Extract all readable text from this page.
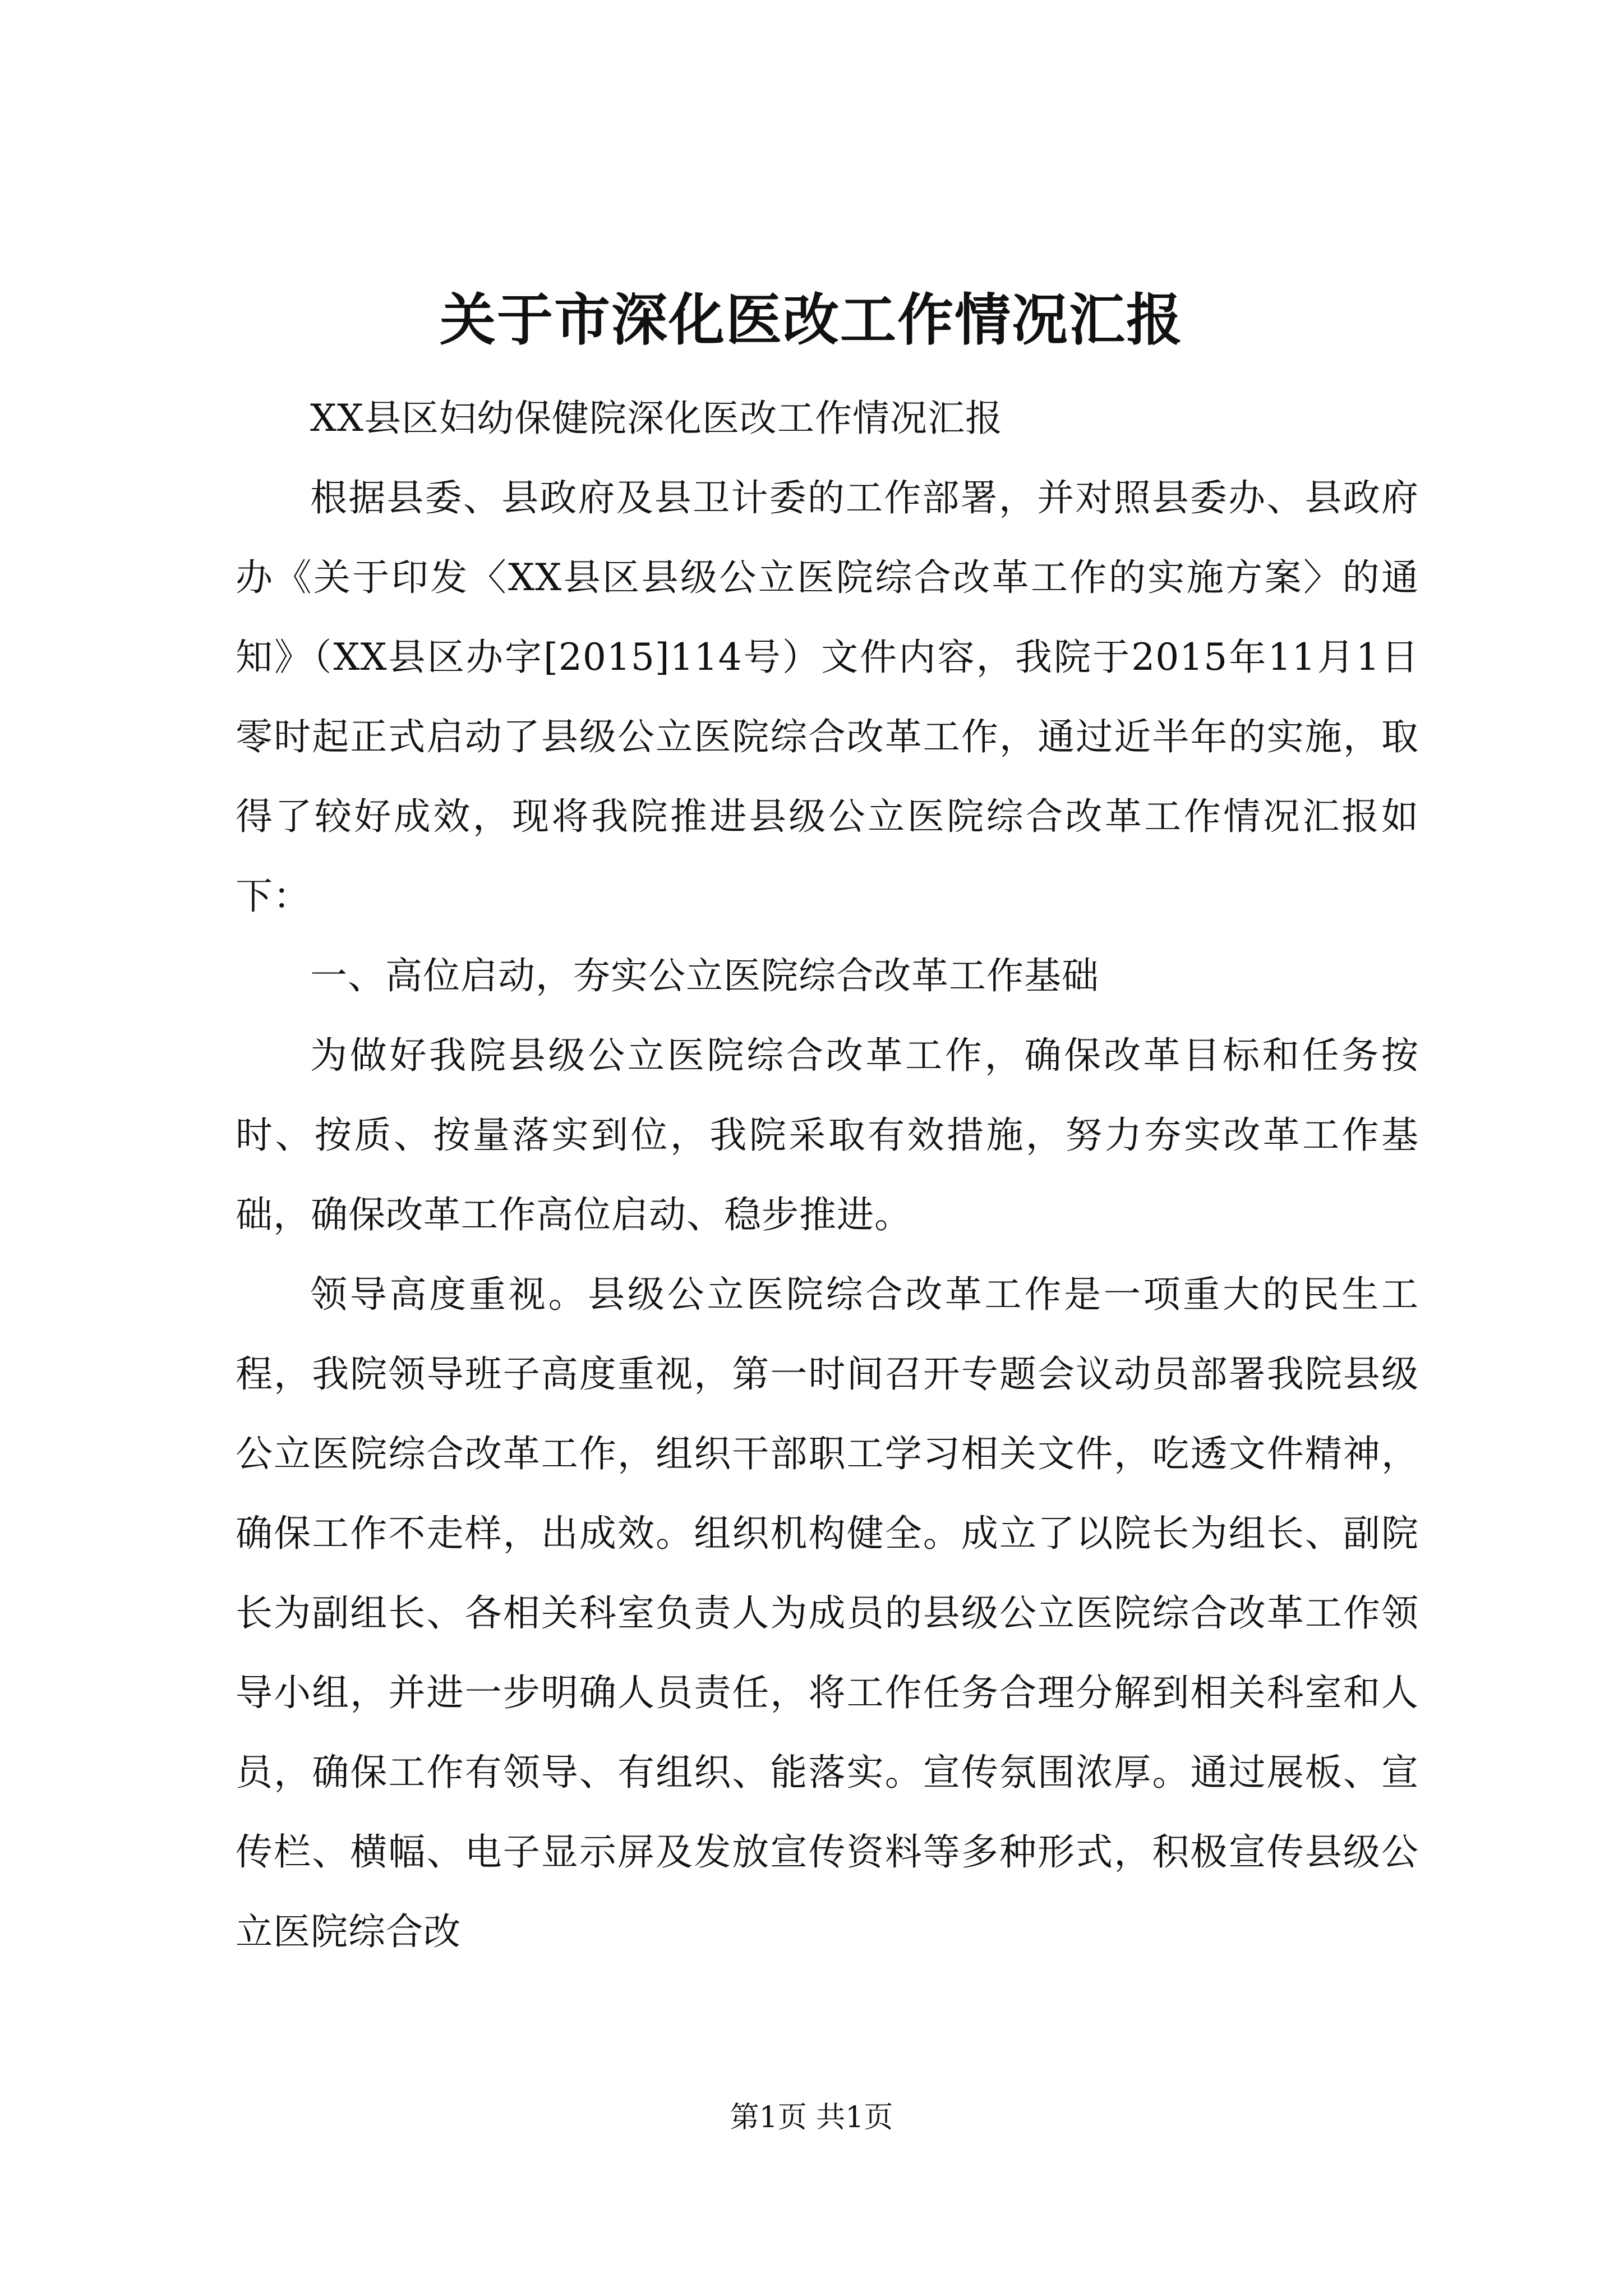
关于市深化医改工作情况汇报

XX县区妇幼保健院深化医改工作情况汇报

根据县委、县政府及县卫计委的工作部署，并对照县委办、县政府办《关于印发〈XX县区县级公立医院综合改革工作的实施方案〉的通知》（XX县区办字[2015]114号）文件内容，我院于2015年11月1日零时起正式启动了县级公立医院综合改革工作，通过近半年的实施，取得了较好成效，现将我院推进县级公立医院综合改革工作情况汇报如下：

一、高位启动，夯实公立医院综合改革工作基础

为做好我院县级公立医院综合改革工作，确保改革目标和任务按时、按质、按量落实到位，我院采取有效措施，努力夯实改革工作基础，确保改革工作高位启动、稳步推进。

领导高度重视。县级公立医院综合改革工作是一项重大的民生工程，我院领导班子高度重视，第一时间召开专题会议动员部署我院县级公立医院综合改革工作，组织干部职工学习相关文件，吃透文件精神，确保工作不走样，出成效。组织机构健全。成立了以院长为组长、副院长为副组长、各相关科室负责人为成员的县级公立医院综合改革工作领导小组，并进一步明确人员责任，将工作任务合理分解到相关科室和人员，确保工作有领导、有组织、能落实。宣传氛围浓厚。通过展板、宣传栏、横幅、电子显示屏及发放宣传资料等多种形式，积极宣传县级公立医院综合改

第1页 共1页
